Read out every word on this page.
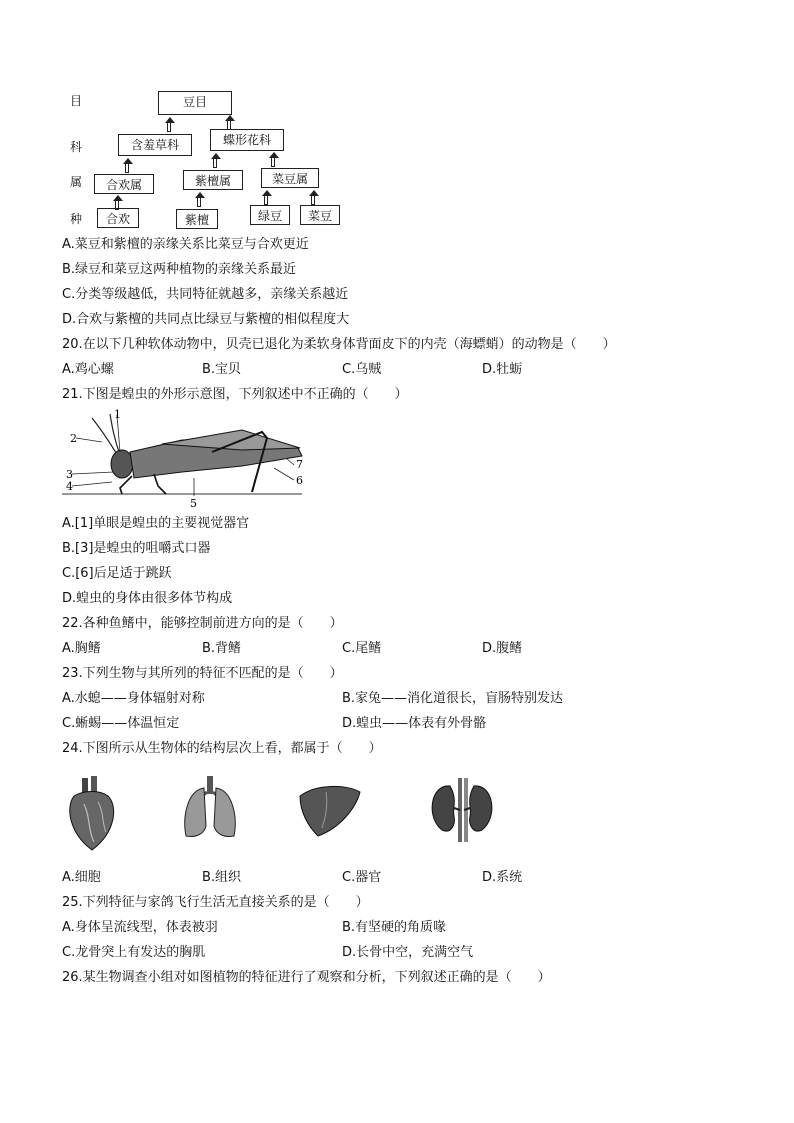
目
科
属
种
豆目
含羞草科	蝶形花科
合欢属	紫檀属	菜豆属
合欢	紫檀	绿豆	菜豆
A.菜豆和紫檀的亲缘关系比菜豆与合欢更近
B.绿豆和菜豆这两种植物的亲缘关系最近
C.分类等级越低，共同特征就越多，亲缘关系越近
D.合欢与紫檀的共同点比绿豆与紫檀的相似程度大
20.在以下几种软体动物中，贝壳已退化为柔软身体背面皮下的内壳（海螵蛸）的动物是（　　）
A.鸡心螺	B.宝贝	C.乌贼	D.牡蛎
21.下图是蝗虫的外形示意图，下列叙述中不正确的（　　）
1
2
3
4
5
6
7
A.[1]单眼是蝗虫的主要视觉器官
B.[3]是蝗虫的咀嚼式口器
C.[6]后足适于跳跃
D.蝗虫的身体由很多体节构成
22.各种鱼鳍中，能够控制前进方向的是（　　）
A.胸鳍	B.背鳍	C.尾鳍	D.腹鳍
23.下列生物与其所列的特征不匹配的是（　　）
A.水螅——身体辐射对称	B.家兔——消化道很长，盲肠特别发达
C.蜥蜴——体温恒定	D.蝗虫——体表有外骨骼
24.下图所示从生物体的结构层次上看，都属于（　　）
A.细胞	B.组织	C.器官	D.系统
25.下列特征与家鸽飞行生活无直接关系的是（　　）
A.身体呈流线型，体表被羽	B.有坚硬的角质喙
C.龙骨突上有发达的胸肌	D.长骨中空，充满空气
26.某生物调查小组对如图植物的特征进行了观察和分析，下列叙述正确的是（　　）
